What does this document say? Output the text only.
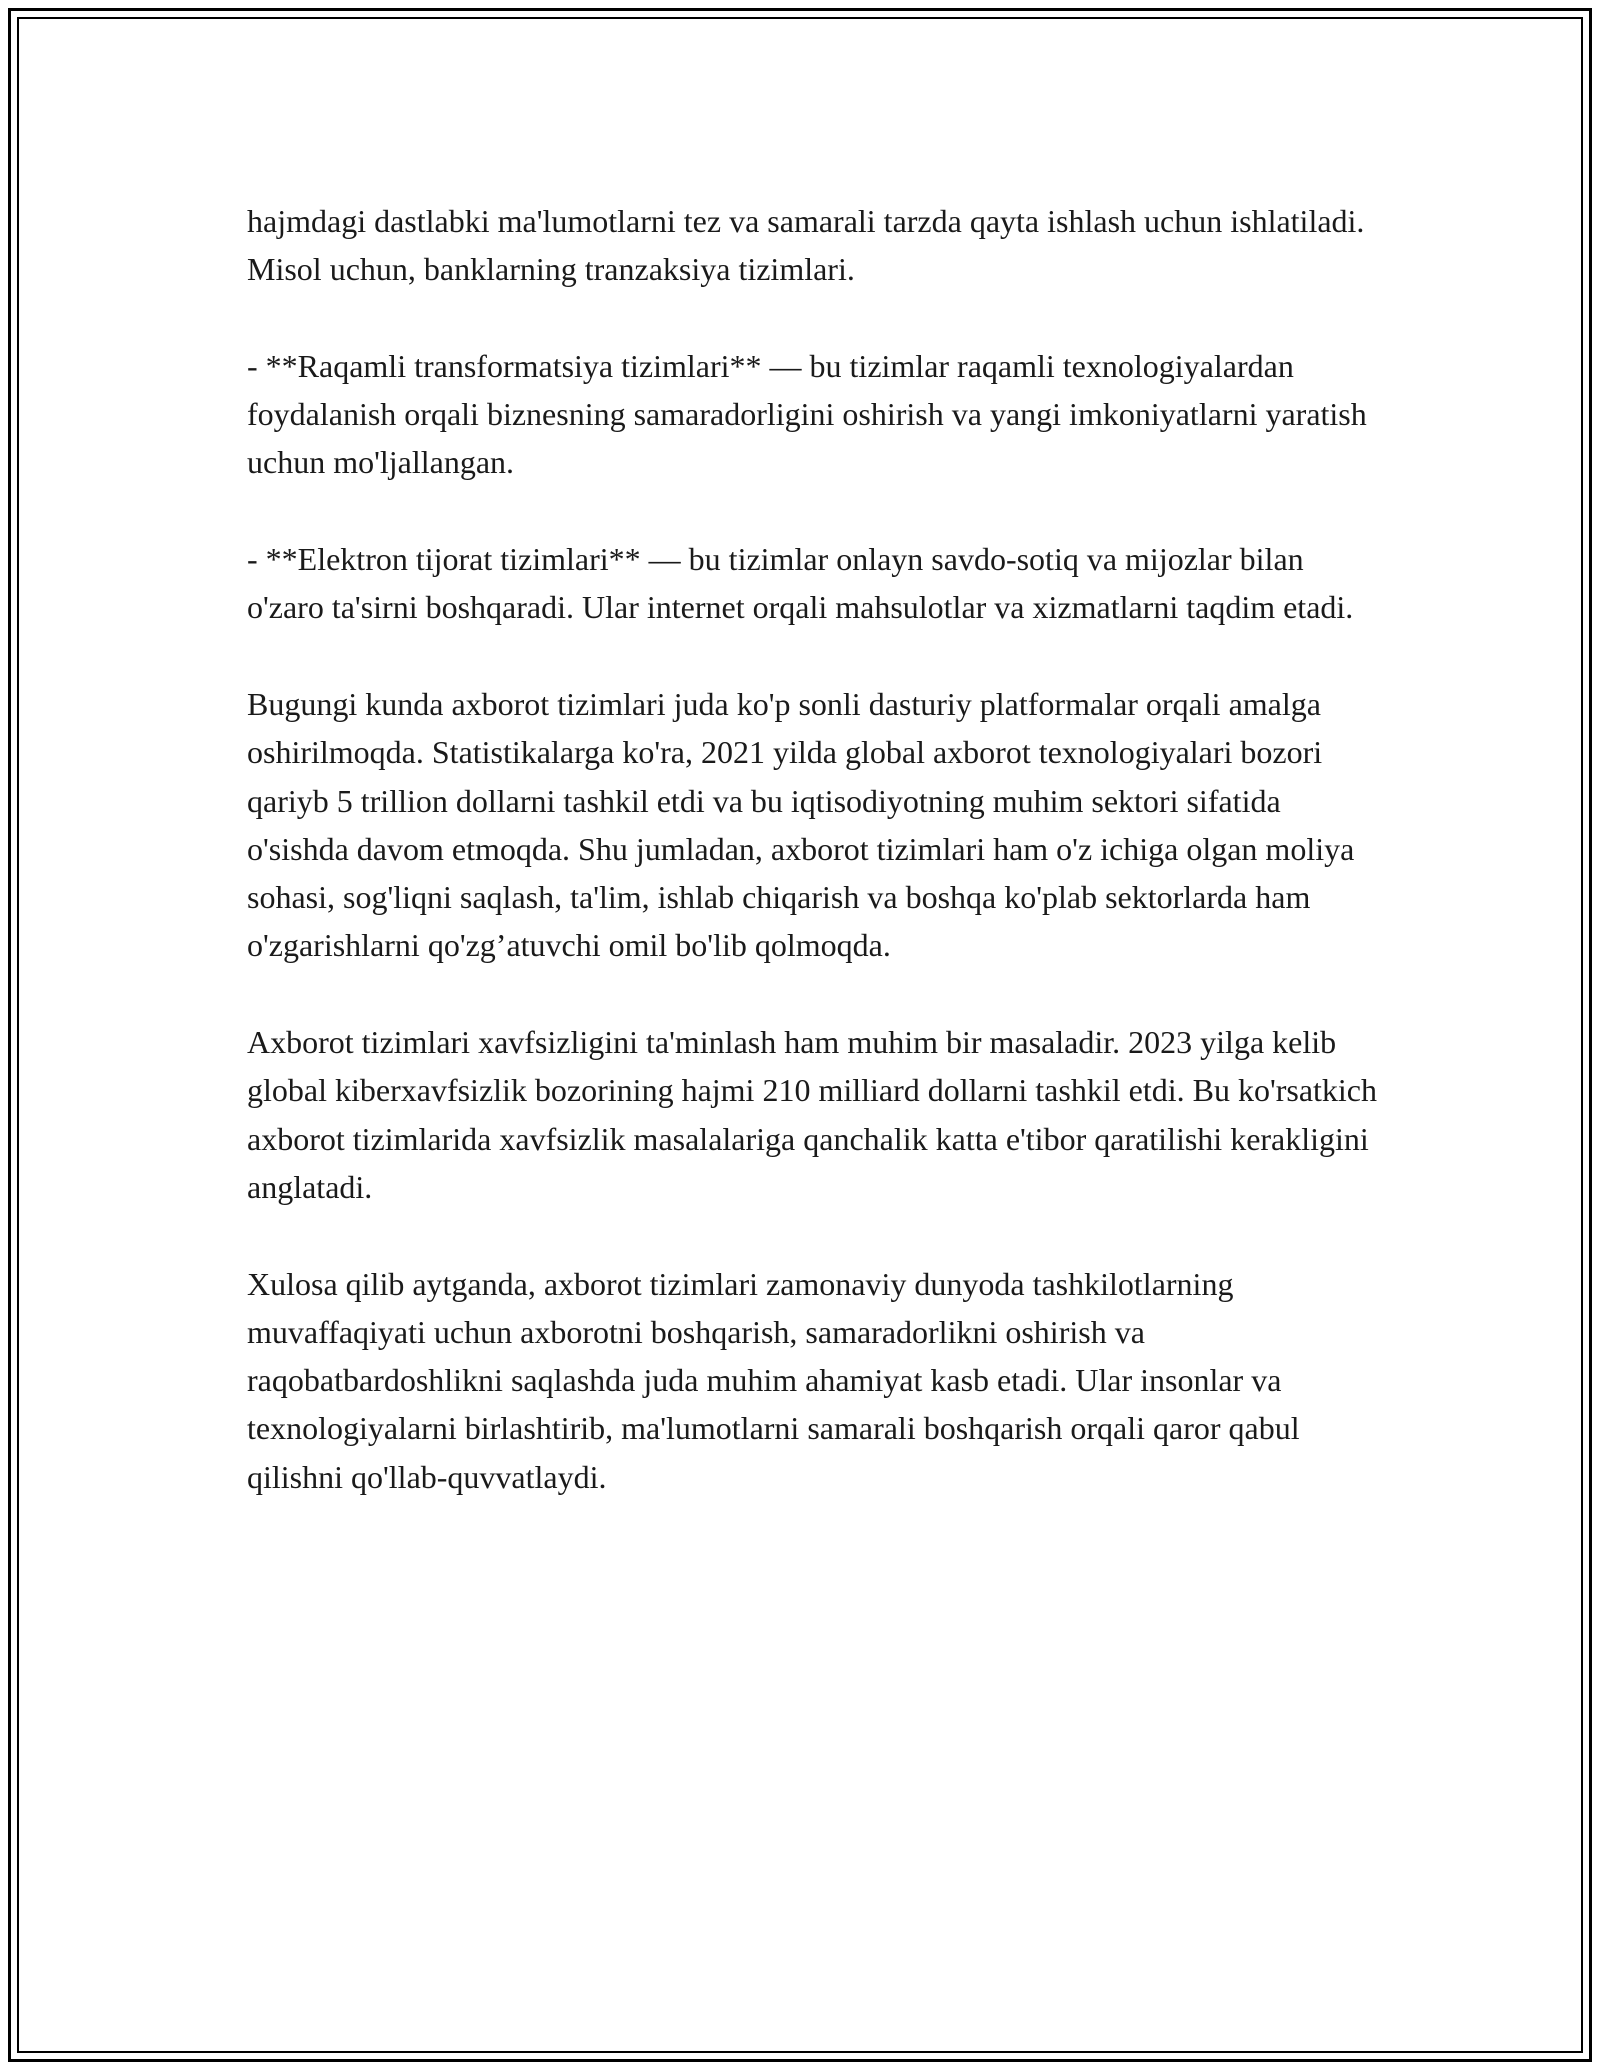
hajmdagi dastlabki ma'lumotlarni tez va samarali tarzda qayta ishlash uchun ishlatiladi. Misol uchun, banklarning tranzaksiya tizimlari.

- **Raqamli transformatsiya tizimlari** — bu tizimlar raqamli texnologiyalardan foydalanish orqali biznesning samaradorligini oshirish va yangi imkoniyatlarni yaratish uchun mo'ljallangan.

- **Elektron tijorat tizimlari** — bu tizimlar onlayn savdo-sotiq va mijozlar bilan o'zaro ta'sirni boshqaradi. Ular internet orqali mahsulotlar va xizmatlarni taqdim etadi.

Bugungi kunda axborot tizimlari juda ko'p sonli dasturiy platformalar orqali amalga oshirilmoqda. Statistikalarga ko'ra, 2021 yilda global axborot texnologiyalari bozori qariyb 5 trillion dollarni tashkil etdi va bu iqtisodiyotning muhim sektori sifatida o'sishda davom etmoqda. Shu jumladan, axborot tizimlari ham o'z ichiga olgan moliya sohasi, sog'liqni saqlash, ta'lim, ishlab chiqarish va boshqa ko'plab sektorlarda ham o'zgarishlarni qo'zg’atuvchi omil bo'lib qolmoqda.

Axborot tizimlari xavfsizligini ta'minlash ham muhim bir masaladir. 2023 yilga kelib global kiberxavfsizlik bozorining hajmi 210 milliard dollarni tashkil etdi. Bu ko'rsatkich axborot tizimlarida xavfsizlik masalalariga qanchalik katta e'tibor qaratilishi kerakligini anglatadi.

Xulosa qilib aytganda, axborot tizimlari zamonaviy dunyoda tashkilotlarning muvaffaqiyati uchun axborotni boshqarish, samaradorlikni oshirish va raqobatbardoshlikni saqlashda juda muhim ahamiyat kasb etadi. Ular insonlar va texnologiyalarni birlashtirib, ma'lumotlarni samarali boshqarish orqali qaror qabul qilishni qo'llab-quvvatlaydi.
